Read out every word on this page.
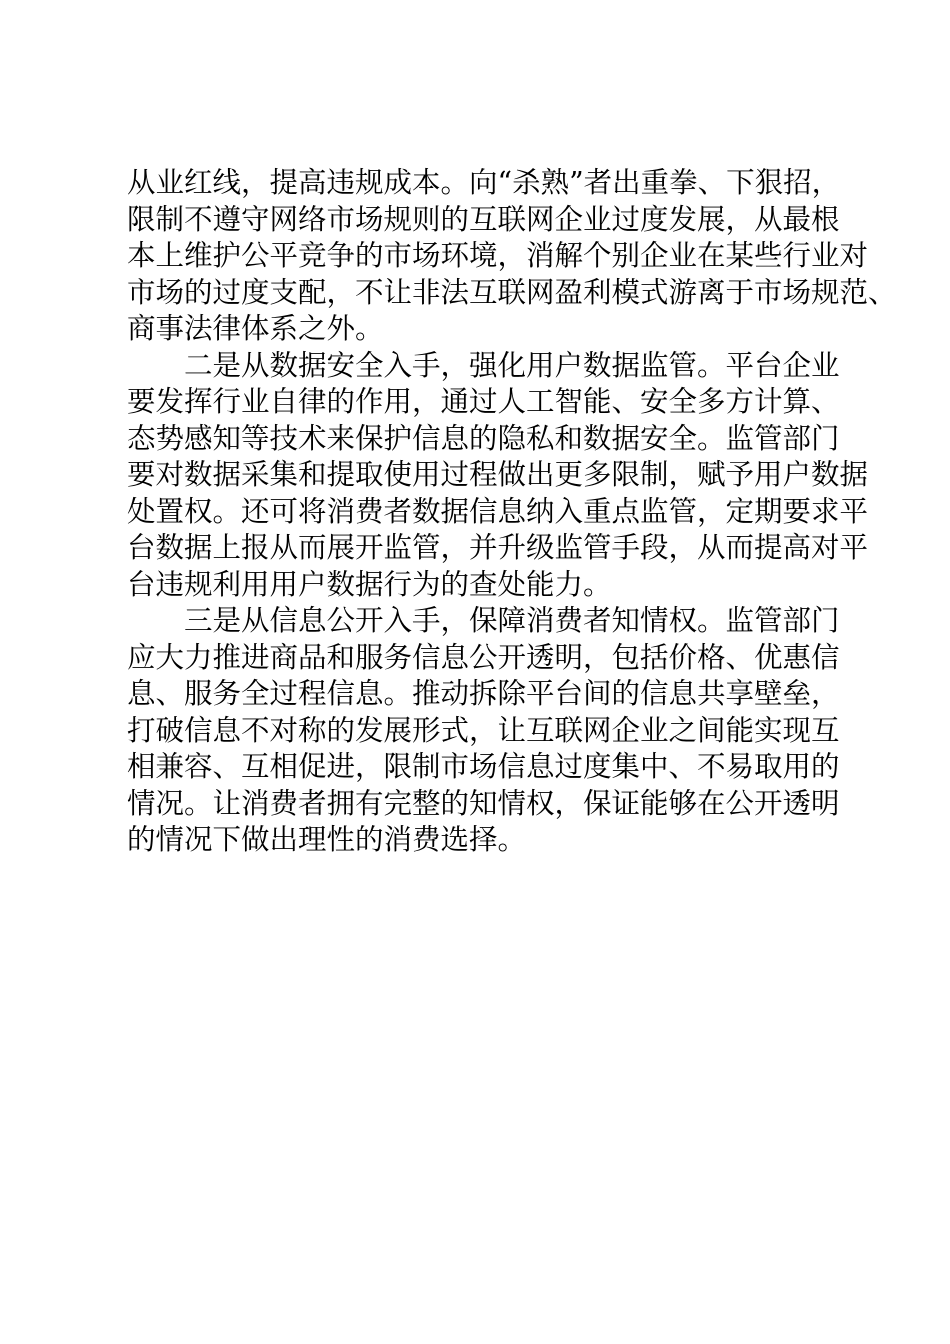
从业红线，提高违规成本。向“杀熟”者出重拳、下狠招，
限制不遵守网络市场规则的互联网企业过度发展，从最根
本上维护公平竞争的市场环境，消解个别企业在某些行业对
市场的过度支配，不让非法互联网盈利模式游离于市场规范、
商事法律体系之外。
　　二是从数据安全入手，强化用户数据监管。平台企业
要发挥行业自律的作用，通过人工智能、安全多方计算、
态势感知等技术来保护信息的隐私和数据安全。监管部门
要对数据采集和提取使用过程做出更多限制，赋予用户数据
处置权。还可将消费者数据信息纳入重点监管，定期要求平
台数据上报从而展开监管，并升级监管手段，从而提高对平
台违规利用用户数据行为的查处能力。
　　三是从信息公开入手，保障消费者知情权。监管部门
应大力推进商品和服务信息公开透明，包括价格、优惠信
息、服务全过程信息。推动拆除平台间的信息共享壁垒，
打破信息不对称的发展形式，让互联网企业之间能实现互
相兼容、互相促进，限制市场信息过度集中、不易取用的
情况。让消费者拥有完整的知情权，保证能够在公开透明
的情况下做出理性的消费选择。
